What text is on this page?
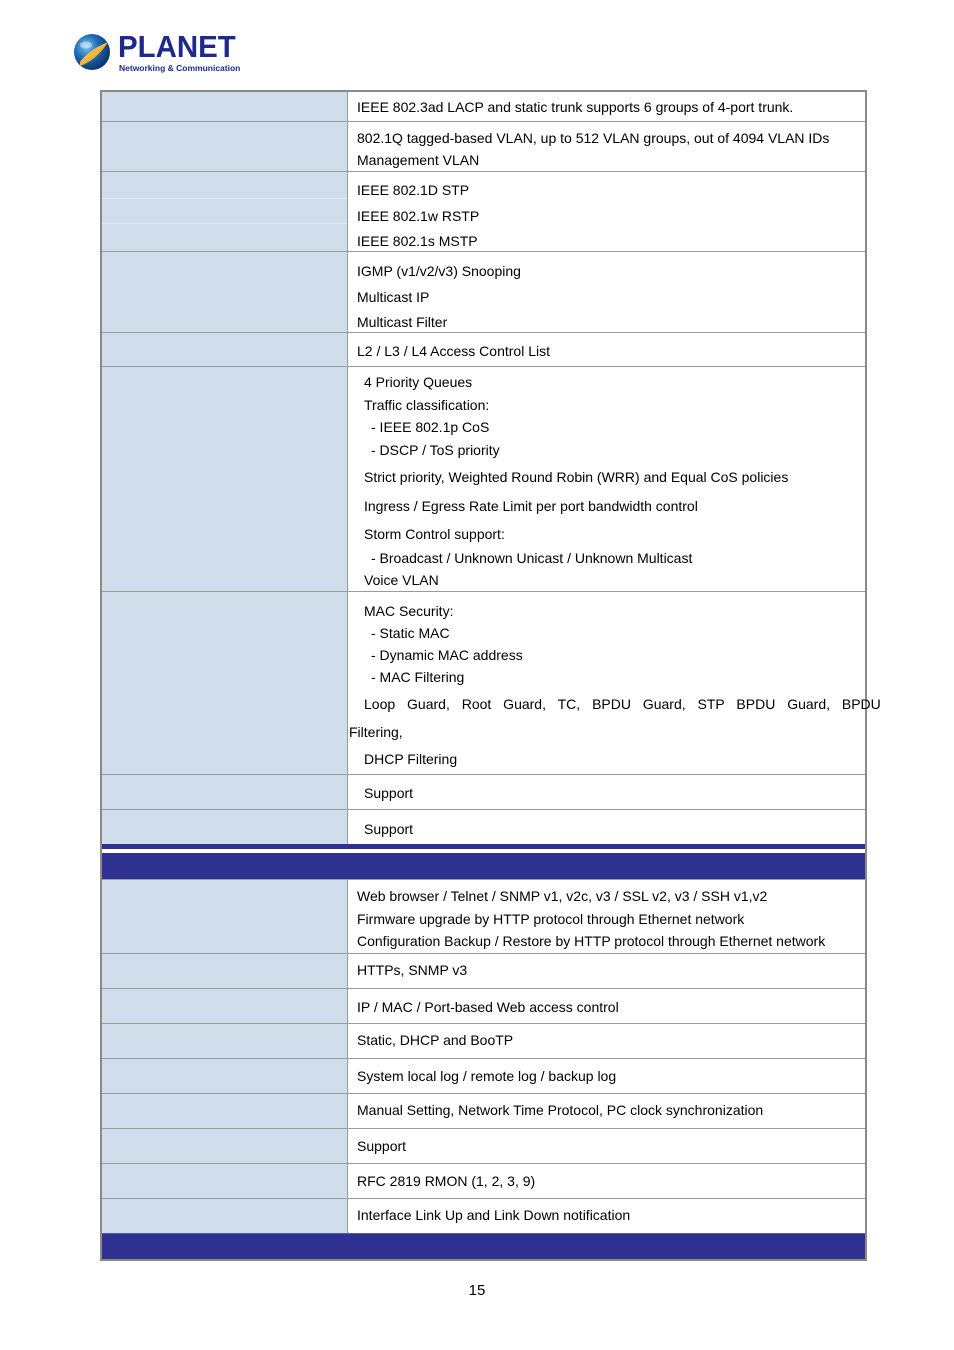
PLANET
Networking & Communication
IEEE 802.3ad LACP and static trunk supports 6 groups of 4-port trunk.
802.1Q tagged-based VLAN, up to 512 VLAN groups, out of 4094 VLAN IDs
Management VLAN
IEEE 802.1D STP
IEEE 802.1w RSTP
IEEE 802.1s MSTP
IGMP (v1/v2/v3) Snooping
Multicast IP
Multicast Filter
L2 / L3 / L4 Access Control List
4 Priority Queues
Traffic classification:
- IEEE 802.1p CoS
- DSCP / ToS priority
Strict priority, Weighted Round Robin (WRR) and Equal CoS policies
Ingress / Egress Rate Limit per port bandwidth control
Storm Control support:
- Broadcast / Unknown Unicast / Unknown Multicast
Voice VLAN
MAC Security:
- Static MAC
- Dynamic MAC address
- MAC Filtering
Loop Guard, Root Guard, TC, BPDU Guard, STP BPDU Guard, BPDU
Filtering,
DHCP Filtering
Support
Support
Web browser / Telnet / SNMP v1, v2c, v3 / SSL v2, v3 / SSH v1,v2
Firmware upgrade by HTTP protocol through Ethernet network
Configuration Backup / Restore by HTTP protocol through Ethernet network
HTTPs, SNMP v3
IP / MAC / Port-based Web access control
Static, DHCP and BooTP
System local log / remote log / backup log
Manual Setting, Network Time Protocol, PC clock synchronization
Support
RFC 2819 RMON (1, 2, 3, 9)
Interface Link Up and Link Down notification
15
